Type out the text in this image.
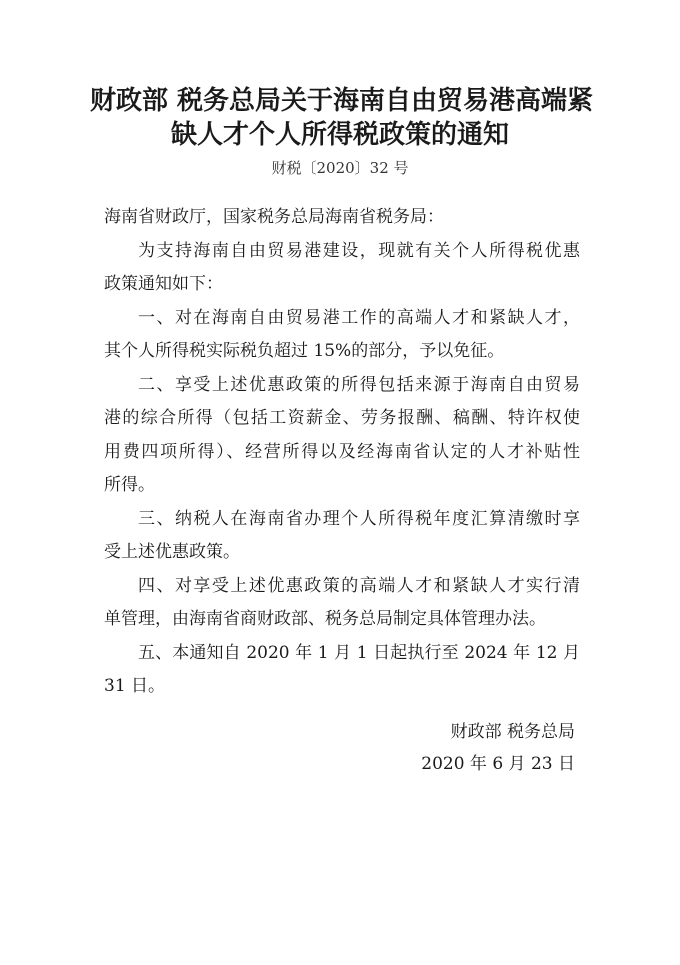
财政部 税务总局关于海南自由贸易港高端紧
缺人才个人所得税政策的通知
财税〔2020〕32 号
海南省财政厅，国家税务总局海南省税务局：
为支持海南自由贸易港建设，现就有关个人所得税优惠
政策通知如下：
一、对在海南自由贸易港工作的高端人才和紧缺人才，
其个人所得税实际税负超过 15%的部分，予以免征。
二、享受上述优惠政策的所得包括来源于海南自由贸易
港的综合所得（包括工资薪金、劳务报酬、稿酬、特许权使
用费四项所得）、经营所得以及经海南省认定的人才补贴性
所得。
三、纳税人在海南省办理个人所得税年度汇算清缴时享
受上述优惠政策。
四、对享受上述优惠政策的高端人才和紧缺人才实行清
单管理，由海南省商财政部、税务总局制定具体管理办法。
五、本通知自 2020 年 1 月 1 日起执行至 2024 年 12 月
31 日。
财政部 税务总局
2020 年 6 月 23 日
